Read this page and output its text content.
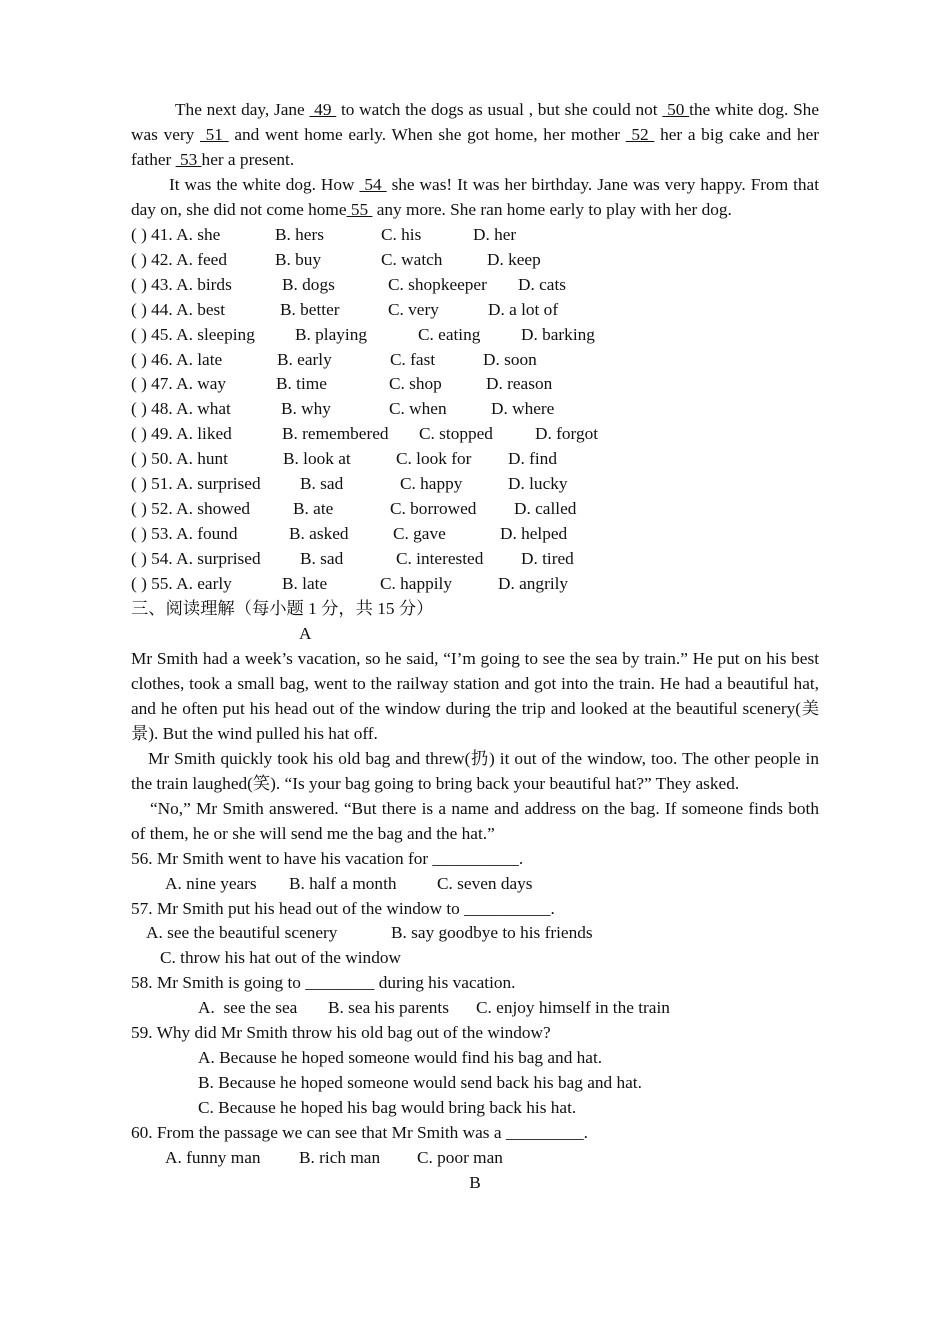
The next day, Jane  49  to watch the dogs as usual , but she could not  50 the white dog. She was very  51  and went home early. When she got home, her mother  52  her a big cake and her father  53 her a present.

It was the white dog. How  54  she was! It was her birthday. Jane was very happy. From that day on, she did not come home 55  any more. She ran home early to play with her dog.

( ) 41. A. she	B. hers	C. his	D. her
( ) 42. A. feed	B. buy	C. watch	D. keep
( ) 43. A. birds	B. dogs	C. shopkeeper D. cats
( ) 44. A. best	B. better	C. very	D. a lot of
( ) 45. A. sleeping B. playing	C. eating D. barking
( ) 46. A. late	B. early	C. fast	D. soon
( ) 47. A. way	B. time	C. shop	D. reason
( ) 48. A. what	B. why	C. when	D. where
( ) 49. A. liked	B. remembered C. stopped D. forgot
( ) 50. A. hunt	B. look at	C. look for D. find
( ) 51. A. surprised B. sad	C. happy	D. lucky
( ) 52. A. showed B. ate	C. borrowed D. called
( ) 53. A. found	B. asked	C. gave	D. helped
( ) 54. A. surprised B. sad	C. interested D. tired
( ) 55. A. early	B. late	C. happily	D. angrily

三、阅读理解（每小题 1 分，共 15 分）

A

Mr Smith had a week’s vacation, so he said, “I’m going to see the sea by train.” He put on his best clothes, took a small bag, went to the railway station and got into the train. He had a beautiful hat, and he often put his head out of the window during the trip and looked at the beautiful scenery(美景). But the wind pulled his hat off.

Mr Smith quickly took his old bag and threw(扔) it out of the window, too. The other people in the train laughed(笑). “Is your bag going to bring back your beautiful hat?” They asked.

“No,” Mr Smith answered. “But there is a name and address on the bag. If someone finds both of them, he or she will send me the bag and the hat.”

56. Mr Smith went to have his vacation for __________.

A. nine years B. half a month C. seven days

57. Mr Smith put his head out of the window to __________.

A. see the beautiful scenery	B. say goodbye to his friends
C. throw his hat out of the window

58. Mr Smith is going to ________ during his vacation.

A.  see the sea B. sea his parents C. enjoy himself in the train

59. Why did Mr Smith throw his old bag out of the window?

A. Because he hoped someone would find his bag and hat.
B. Because he hoped someone would send back his bag and hat.
C. Because he hoped his bag would bring back his hat.

60. From the passage we can see that Mr Smith was a _________.

A. funny man B. rich man C. poor man

B
